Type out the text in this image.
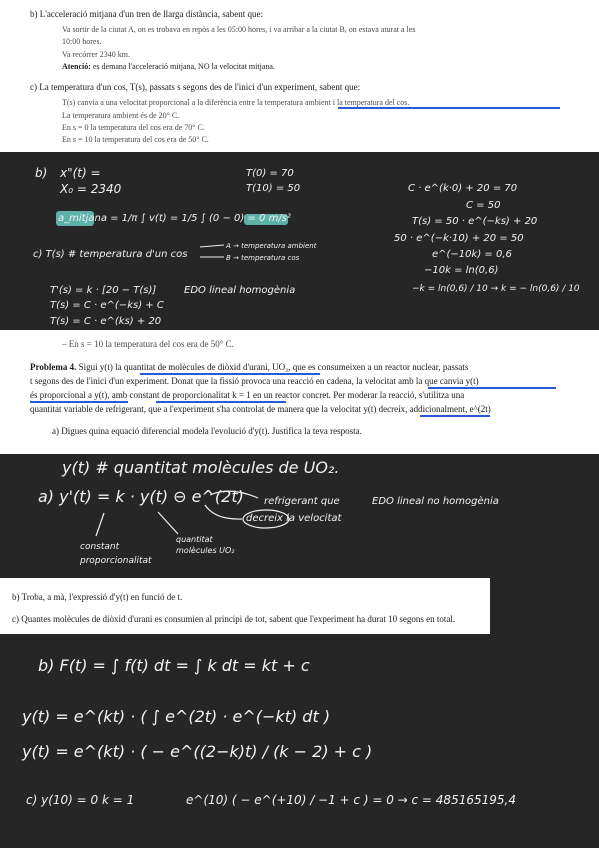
b) L'acceleració mitjana d'un tren de llarga distància, sabent que:

Va sortir de la ciutat A, on es trobava en repòs a les 05:00 hores, i va arribar a la ciutat B, on estava aturat a les

10:00 hores.

Va recórrer 2340 km.

Atenció: es demana l'acceleració mitjana, NO la velocitat mitjana.

c) La temperatura d'un cos, T(s), passats s segons des de l'inici d'un experiment, sabent que:

T(s) canvia a una velocitat proporcional a la diferència entre la temperatura ambient i la temperatura del cos.

La temperatura ambient és de 20° C.

En s = 0 la temperatura del cos era de 70° C.

En s = 10 la temperatura del cos era de 50° C.

b) x"(t) =

X₀ = 2340

T(0) = 70

T(10) = 50

a_mitjana = 1/π ∫ v(t) = 1/5 ∫ (0 − 0) = 0 m/s²

c) T(s) # temperatura d'un cos

A → temperatura ambient

B → temperatura cos

T'(s) = k · [20 − T(s)]	EDO lineal homogènia

T(s) = C · e^(−ks) + C

T(s) = C · e^(ks) + 20

C · e^(k·0) + 20 = 70

C = 50

T(s) = 50 · e^(−ks) + 20

50 · e^(−k·10) + 20 = 50

e^(−10k) = 0,6

−10k = ln(0,6)

−k = ln(0,6) / 10 → k = − ln(0,6) / 10

– En s = 10 la temperatura del cos era de 50° C.

Problema 4. Sigui y(t) la quantitat de molècules de diòxid d'urani, UO₂, que es consumeixen a un reactor nuclear, passats

t segons des de l'inici d'un experiment. Donat que la fissió provoca una reacció en cadena, la velocitat amb la que canvia y(t)

és proporcional a y(t), amb constant de proporcionalitat k = 1 en un reactor concret. Per moderar la reacció, s'utilitza una

quantitat variable de refrigerant, que a l'experiment s'ha controlat de manera que la velocitat y(t) decreix, addicionalment, e^(2t)

a) Digues quina equació diferencial modela l'evolució d'y(t). Justifica la teva resposta.

y(t) # quantitat molècules de UO₂.

a) y'(t) = k · y(t) ⊖ e^(2t) refrigerant que

decreix la velocitat

EDO lineal no homogènia

constant proporcionalitat

quantitat molècules UO₂

b) Troba, a mà, l'expressió d'y(t) en funció de t.

c) Quantes molècules de diòxid d'urani es consumien al principi de tot, sabent que l'experiment ha durat 10 segons en total.

b) F(t) = ∫ f(t) dt = ∫ k dt = kt + c

y(t) = e^(kt) · ( ∫ e^(2t) · e^(−kt) dt )

y(t) = e^(kt) · ( − e^((2−k)t) / (k − 2) + c )

c) y(10) = 0 k = 1	e^(10) ( − e^(+10) / −1 + c ) = 0 → c = 485165195,4
